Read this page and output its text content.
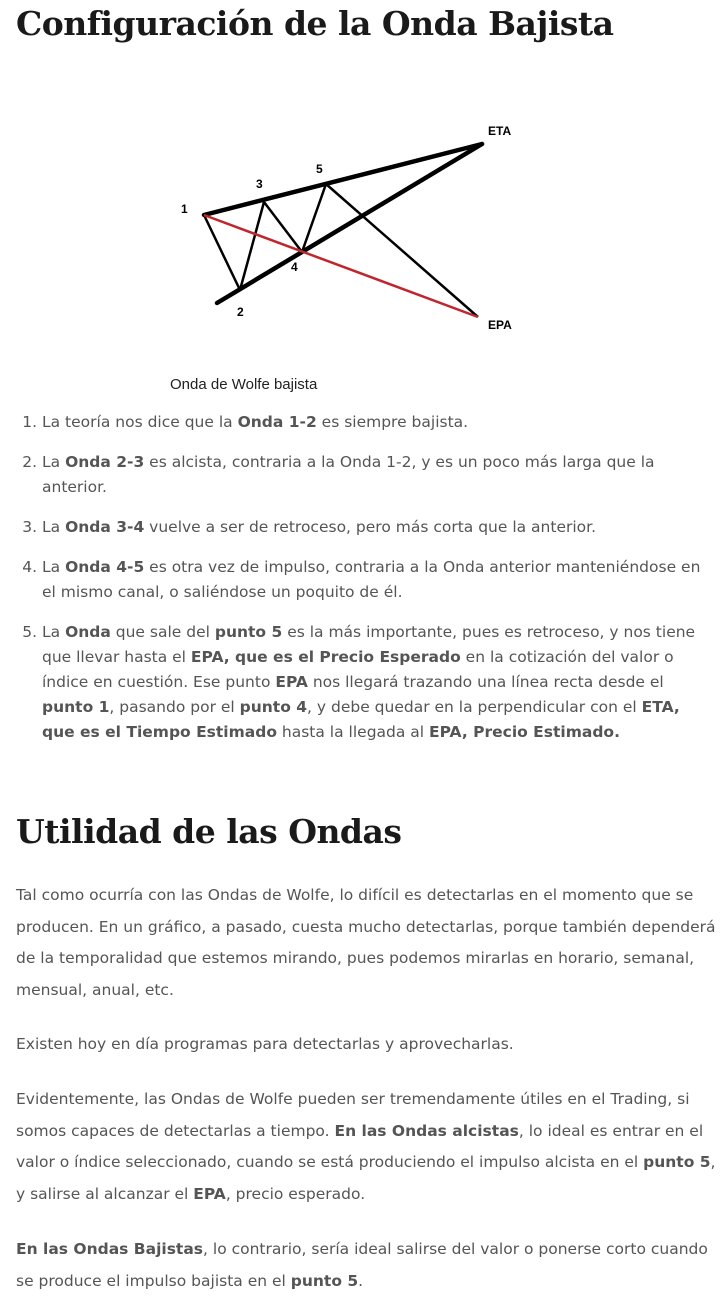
Configuración de la Onda Bajista
ETA
EPA
1
2
3
4
5
Onda de Wolfe bajista
1. La teoría nos dice que la Onda 1-2 es siempre bajista.
2. La Onda 2-3 es alcista, contraria a la Onda 1-2, y es un poco más larga que la anterior.
3. La Onda 3-4 vuelve a ser de retroceso, pero más corta que la anterior.
4. La Onda 4-5 es otra vez de impulso, contraria a la Onda anterior manteniéndose en el mismo canal, o saliéndose un poquito de él.
5. La Onda que sale del punto 5 es la más importante, pues es retroceso, y nos tiene que llevar hasta el EPA, que es el Precio Esperado en la cotización del valor o índice en cuestión. Ese punto EPA nos llegará trazando una línea recta desde el punto 1, pasando por el punto 4, y debe quedar en la perpendicular con el ETA, que es el Tiempo Estimado hasta la llegada al EPA, Precio Estimado.
Utilidad de las Ondas

Tal como ocurría con las Ondas de Wolfe, lo difícil es detectarlas en el momento que se producen. En un gráfico, a pasado, cuesta mucho detectarlas, porque también dependerá de la temporalidad que estemos mirando, pues podemos mirarlas en horario, semanal, mensual, anual, etc.

Existen hoy en día programas para detectarlas y aprovecharlas.

Evidentemente, las Ondas de Wolfe pueden ser tremendamente útiles en el Trading, si somos capaces de detectarlas a tiempo. En las Ondas alcistas, lo ideal es entrar en el valor o índice seleccionado, cuando se está produciendo el impulso alcista en el punto 5, y salirse al alcanzar el EPA, precio esperado.

En las Ondas Bajistas, lo contrario, sería ideal salirse del valor o ponerse corto cuando se produce el impulso bajista en el punto 5.
